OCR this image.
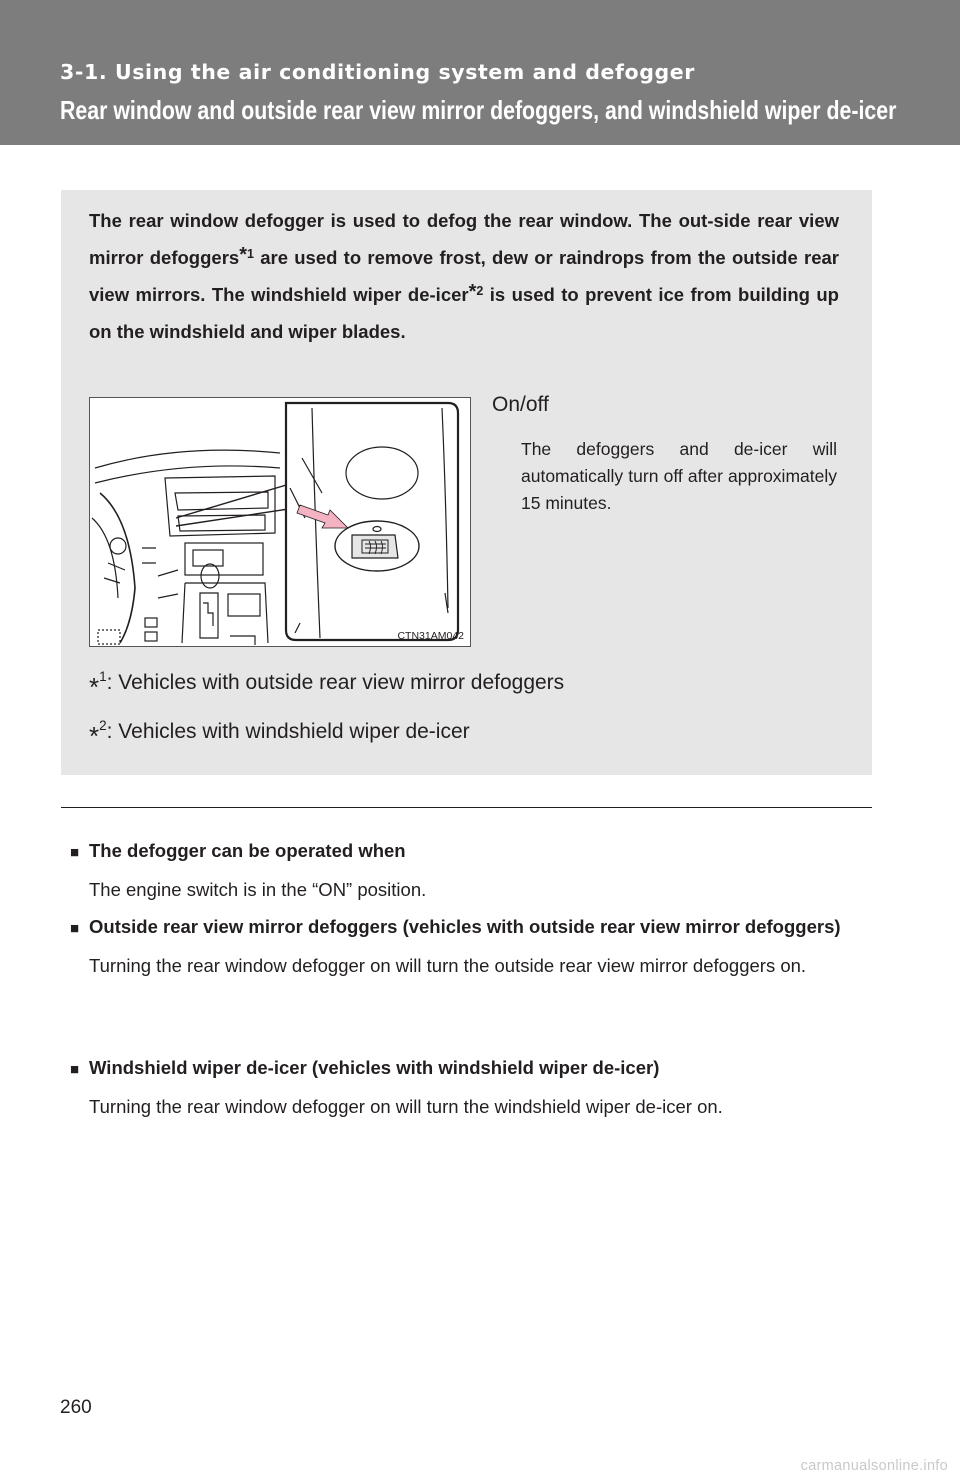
3-1. Using the air conditioning system and defogger
Rear window and outside rear view mirror defoggers, and windshield wiper de-icer

The rear window defogger is used to defog the rear window. The out-side rear view mirror defoggers$^{*1}$ are used to remove frost, dew or raindrops from the outside rear view mirrors. The windshield wiper de-icer$^{*2}$ is used to prevent ice from building up on the windshield and wiper blades.

CTN31AM042

On/off

The defoggers and de-icer will automatically turn off after approximately 15 minutes.

*$^1$: Vehicles with outside rear view mirror defoggers

*$^2$: Vehicles with windshield wiper de-icer

■ The defogger can be operated when

The engine switch is in the “ON” position.

■ Outside rear view mirror defoggers (vehicles with outside rear view mirror defoggers)

Turning the rear window defogger on will turn the outside rear view mirror defoggers on.

■ Windshield wiper de-icer (vehicles with windshield wiper de-icer)

Turning the rear window defogger on will turn the windshield wiper de-icer on.

260
carmanualsonline.info
